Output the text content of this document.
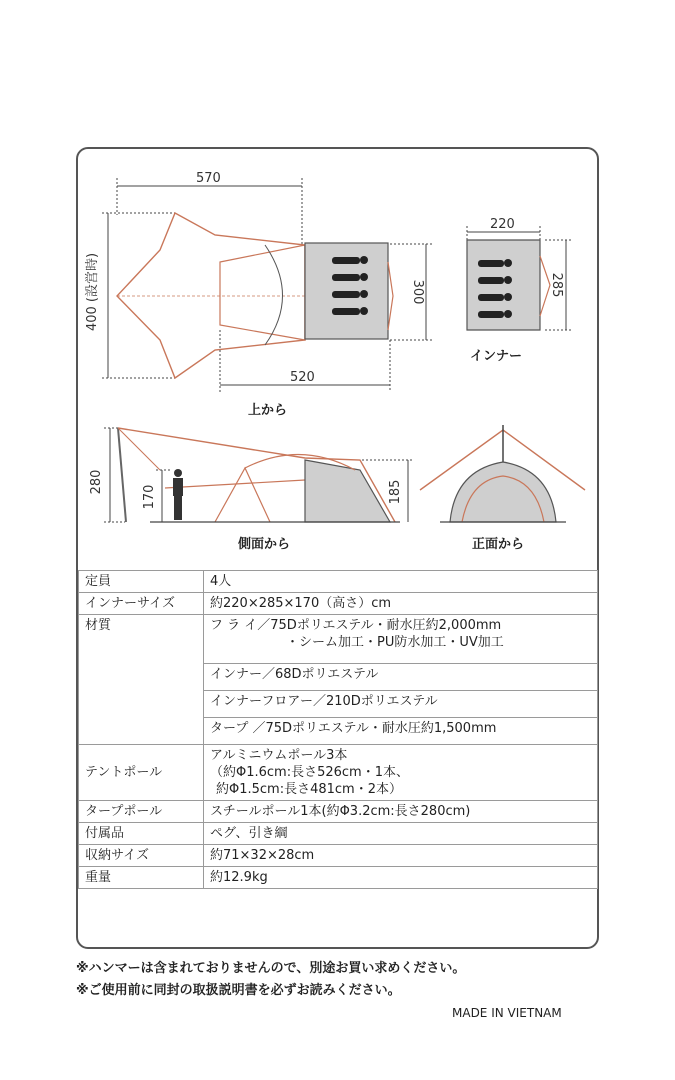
570
400 (設営時)	300
520
上から
220
285
インナー
280
170	185
側面から	正面から
定員	4人
インナーサイズ	約220×285×170（高さ）cm
材質	フ ラ イ／75Dポリエステル・耐水圧約2,000mm
・シーム加工・PU防水加工・UV加工

	インナー／68Dポリエステル
	インナーフロアー／210Dポリエステル
	タープ ／75Dポリエステル・耐水圧約1,500mm
テントポール	アルミニウムポール3本
（約Φ1.6cm:長さ526cm・1本、
約Φ1.5cm:長さ481cm・2本）

タープポール	スチールポール1本(約Φ3.2cm:長さ280cm)
付属品	ペグ、引き綱
収納サイズ	約71×32×28cm
重量	約12.9kg
※ハンマーは含まれておりませんので、別途お買い求めください。
※ご使用前に同封の取扱説明書を必ずお読みください。
MADE IN VIETNAM
